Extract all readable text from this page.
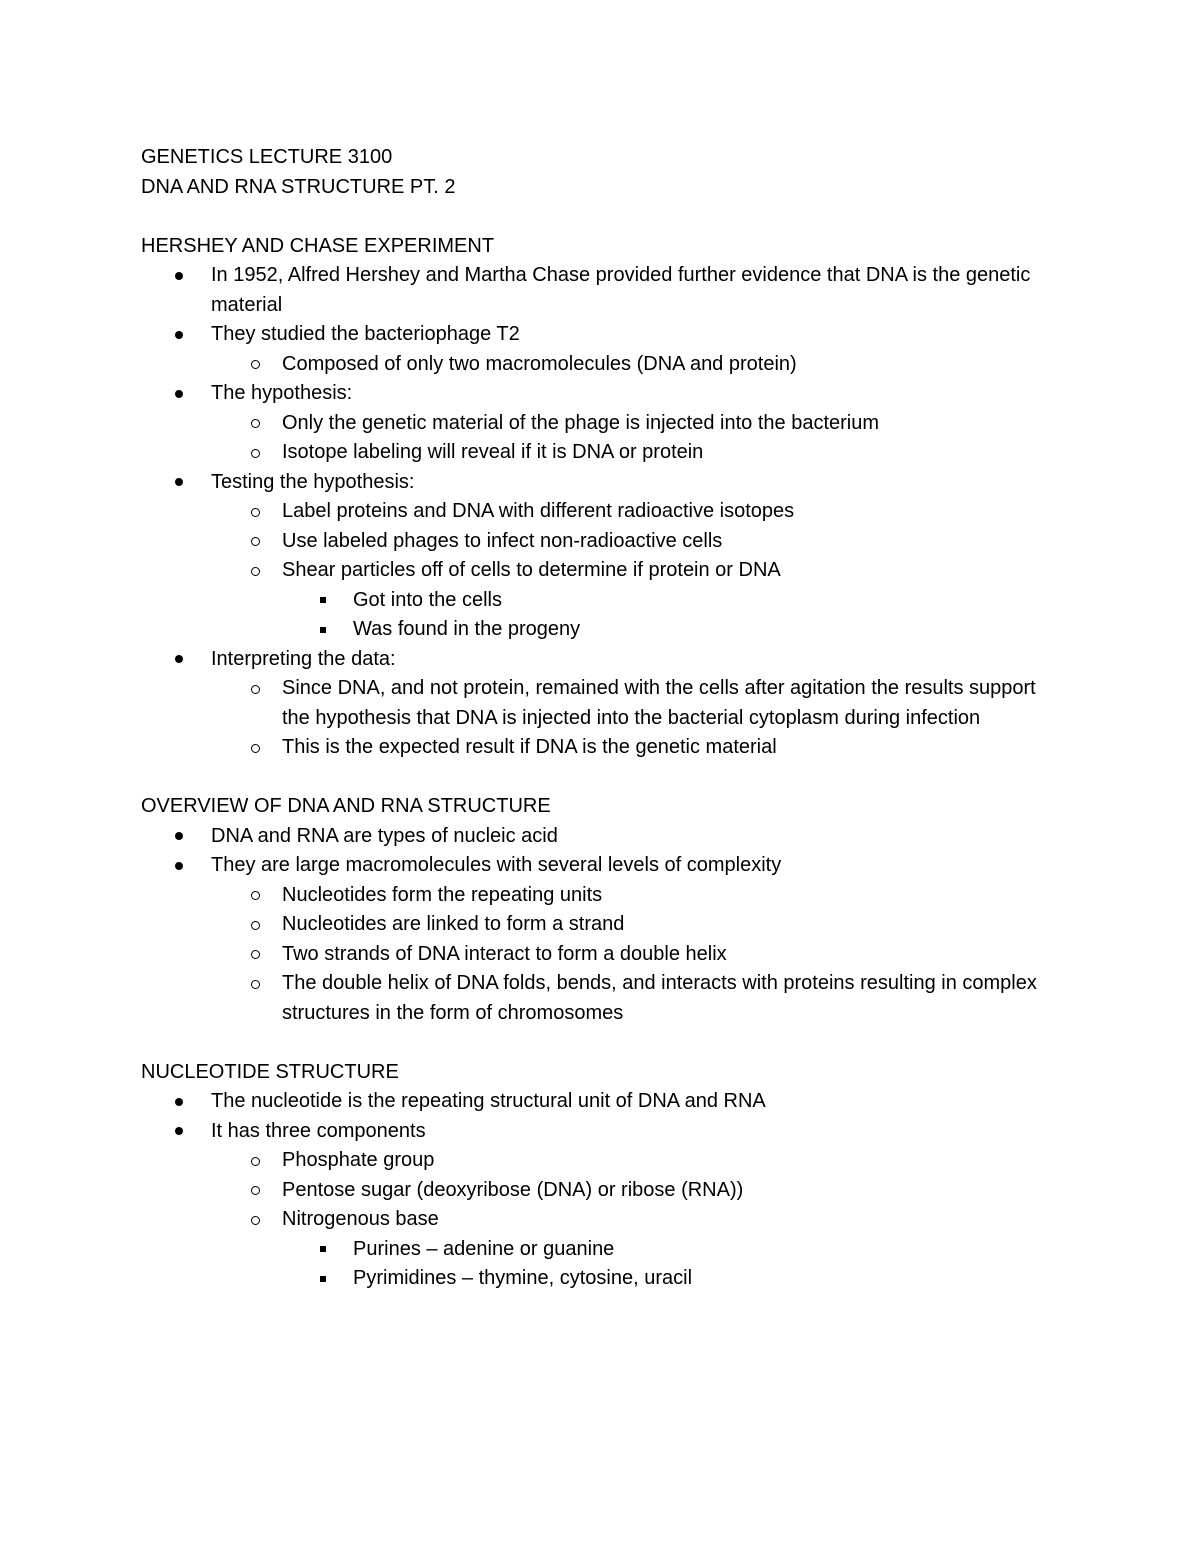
GENETICS LECTURE 3100
DNA AND RNA STRUCTURE PT. 2
HERSHEY AND CHASE EXPERIMENT
In 1952, Alfred Hershey and Martha Chase provided further evidence that DNA is the genetic material
They studied the bacteriophage T2
Composed of only two macromolecules (DNA and protein)
The hypothesis:
Only the genetic material of the phage is injected into the bacterium
Isotope labeling will reveal if it is DNA or protein
Testing the hypothesis:
Label proteins and DNA with different radioactive isotopes
Use labeled phages to infect non-radioactive cells
Shear particles off of cells to determine if protein or DNA
Got into the cells
Was found in the progeny
Interpreting the data:
Since DNA, and not protein, remained with the cells after agitation the results support the hypothesis that DNA is injected into the bacterial cytoplasm during infection
This is the expected result if DNA is the genetic material
OVERVIEW OF DNA AND RNA STRUCTURE
DNA and RNA are types of nucleic acid
They are large macromolecules with several levels of complexity
Nucleotides form the repeating units
Nucleotides are linked to form a strand
Two strands of DNA interact to form a double helix
The double helix of DNA folds, bends, and interacts with proteins resulting in complex structures in the form of chromosomes
NUCLEOTIDE STRUCTURE
The nucleotide is the repeating structural unit of DNA and RNA
It has three components
Phosphate group
Pentose sugar (deoxyribose (DNA) or ribose (RNA))
Nitrogenous base
Purines – adenine or guanine
Pyrimidines – thymine, cytosine, uracil
